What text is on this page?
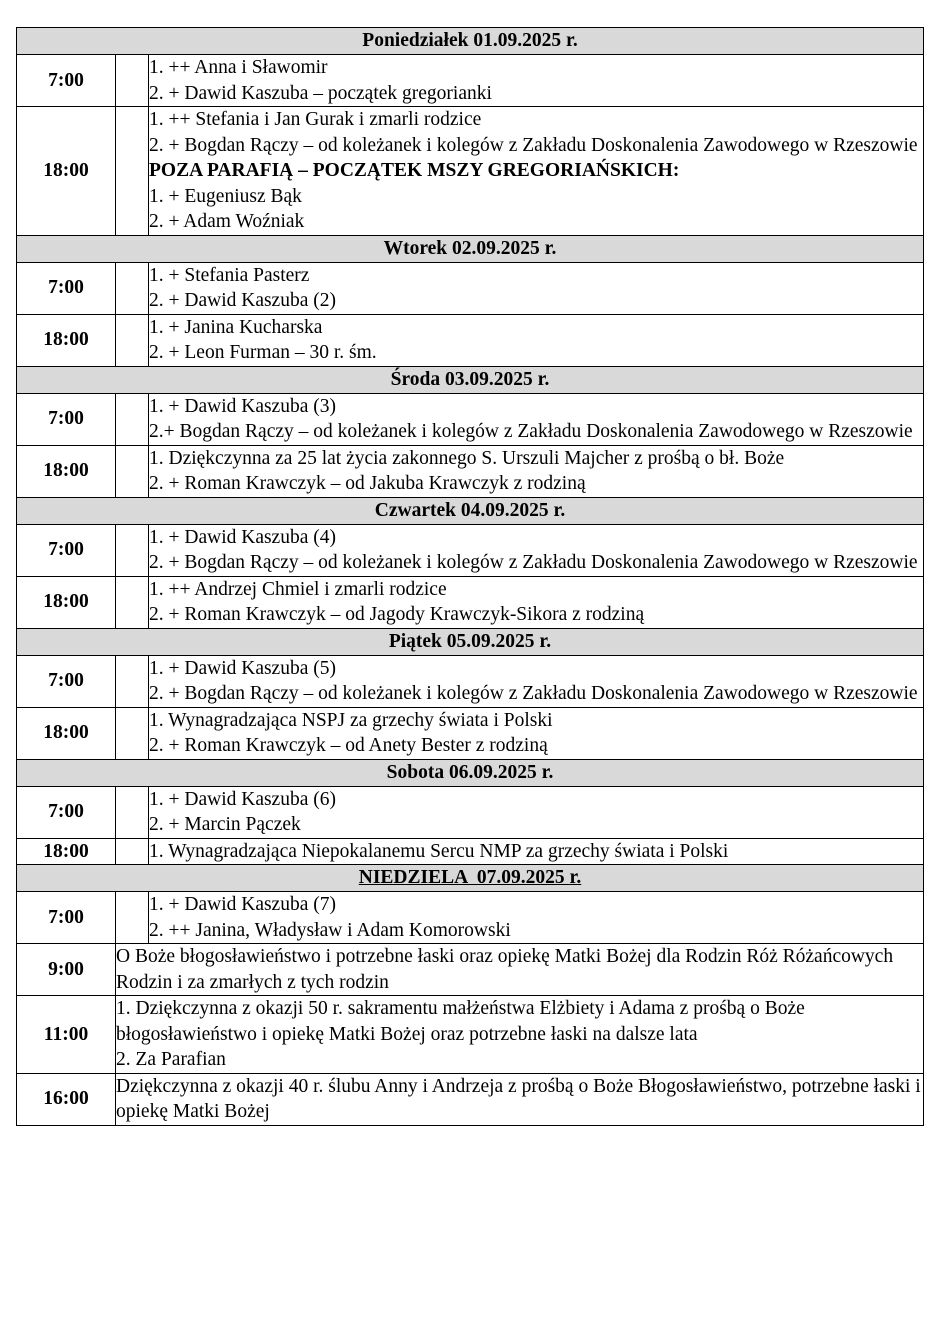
Poniedziałek 01.09.2025 r.		
7:00		1. ++ Anna i Sławomir
2. + Dawid Kaszuba – początek gregorianki

18:00		1. ++ Stefania i Jan Gurak i zmarli rodzice
2. + Bogdan Rączy – od koleżanek i kolegów z Zakładu Doskonalenia Zawodowego w Rzeszowie
POZA PARAFIĄ – POCZĄTEK MSZY GREGORIAŃSKICH:
1. + Eugeniusz Bąk
2. + Adam Woźniak

Wtorek 02.09.2025 r.		
7:00		1. + Stefania Pasterz
2. + Dawid Kaszuba (2)

18:00		1. + Janina Kucharska
2. + Leon Furman – 30 r. śm.

Środa 03.09.2025 r.		
7:00		1. + Dawid Kaszuba (3)
2.+ Bogdan Rączy – od koleżanek i kolegów z Zakładu Doskonalenia Zawodowego w Rzeszowie

18:00		1. Dziękczynna za 25 lat życia zakonnego S. Urszuli Majcher z prośbą o bł. Boże
2. + Roman Krawczyk – od Jakuba Krawczyk z rodziną

Czwartek 04.09.2025 r.		
7:00		1. + Dawid Kaszuba (4)
2. + Bogdan Rączy – od koleżanek i kolegów z Zakładu Doskonalenia Zawodowego w Rzeszowie

18:00		1. ++ Andrzej Chmiel i zmarli rodzice
2. + Roman Krawczyk – od Jagody Krawczyk-Sikora z rodziną

Piątek 05.09.2025 r.		
7:00		1. + Dawid Kaszuba (5)
2. + Bogdan Rączy – od koleżanek i kolegów z Zakładu Doskonalenia Zawodowego w Rzeszowie

18:00		1. Wynagradzająca NSPJ za grzechy świata i Polski
2. + Roman Krawczyk – od Anety Bester z rodziną

Sobota 06.09.2025 r.		
7:00		1. + Dawid Kaszuba (6)
2. + Marcin Pączek

18:00		1. Wynagradzająca Niepokalanemu Sercu NMP za grzechy świata i Polski

NIEDZIELA  07.09.2025 r.		
7:00		1. + Dawid Kaszuba (7)
2. ++ Janina, Władysław i Adam Komorowski

9:00	O Boże błogosławieństwo i potrzebne łaski oraz opiekę Matki Bożej dla Rodzin Róż Różańcowych Rodzin i za zmarłych z tych rodzin	

11:00	1. Dziękczynna z okazji 50 r. sakramentu małżeństwa Elżbiety i Adama z prośbą o Boże błogosławieństwo i opiekę Matki Bożej oraz potrzebne łaski na dalsze lata
2. Za Parafian	

16:00	Dziękczynna z okazji 40 r. ślubu Anny i Andrzeja z prośbą o Boże Błogosławieństwo, potrzebne łaski i opiekę Matki Bożej	
